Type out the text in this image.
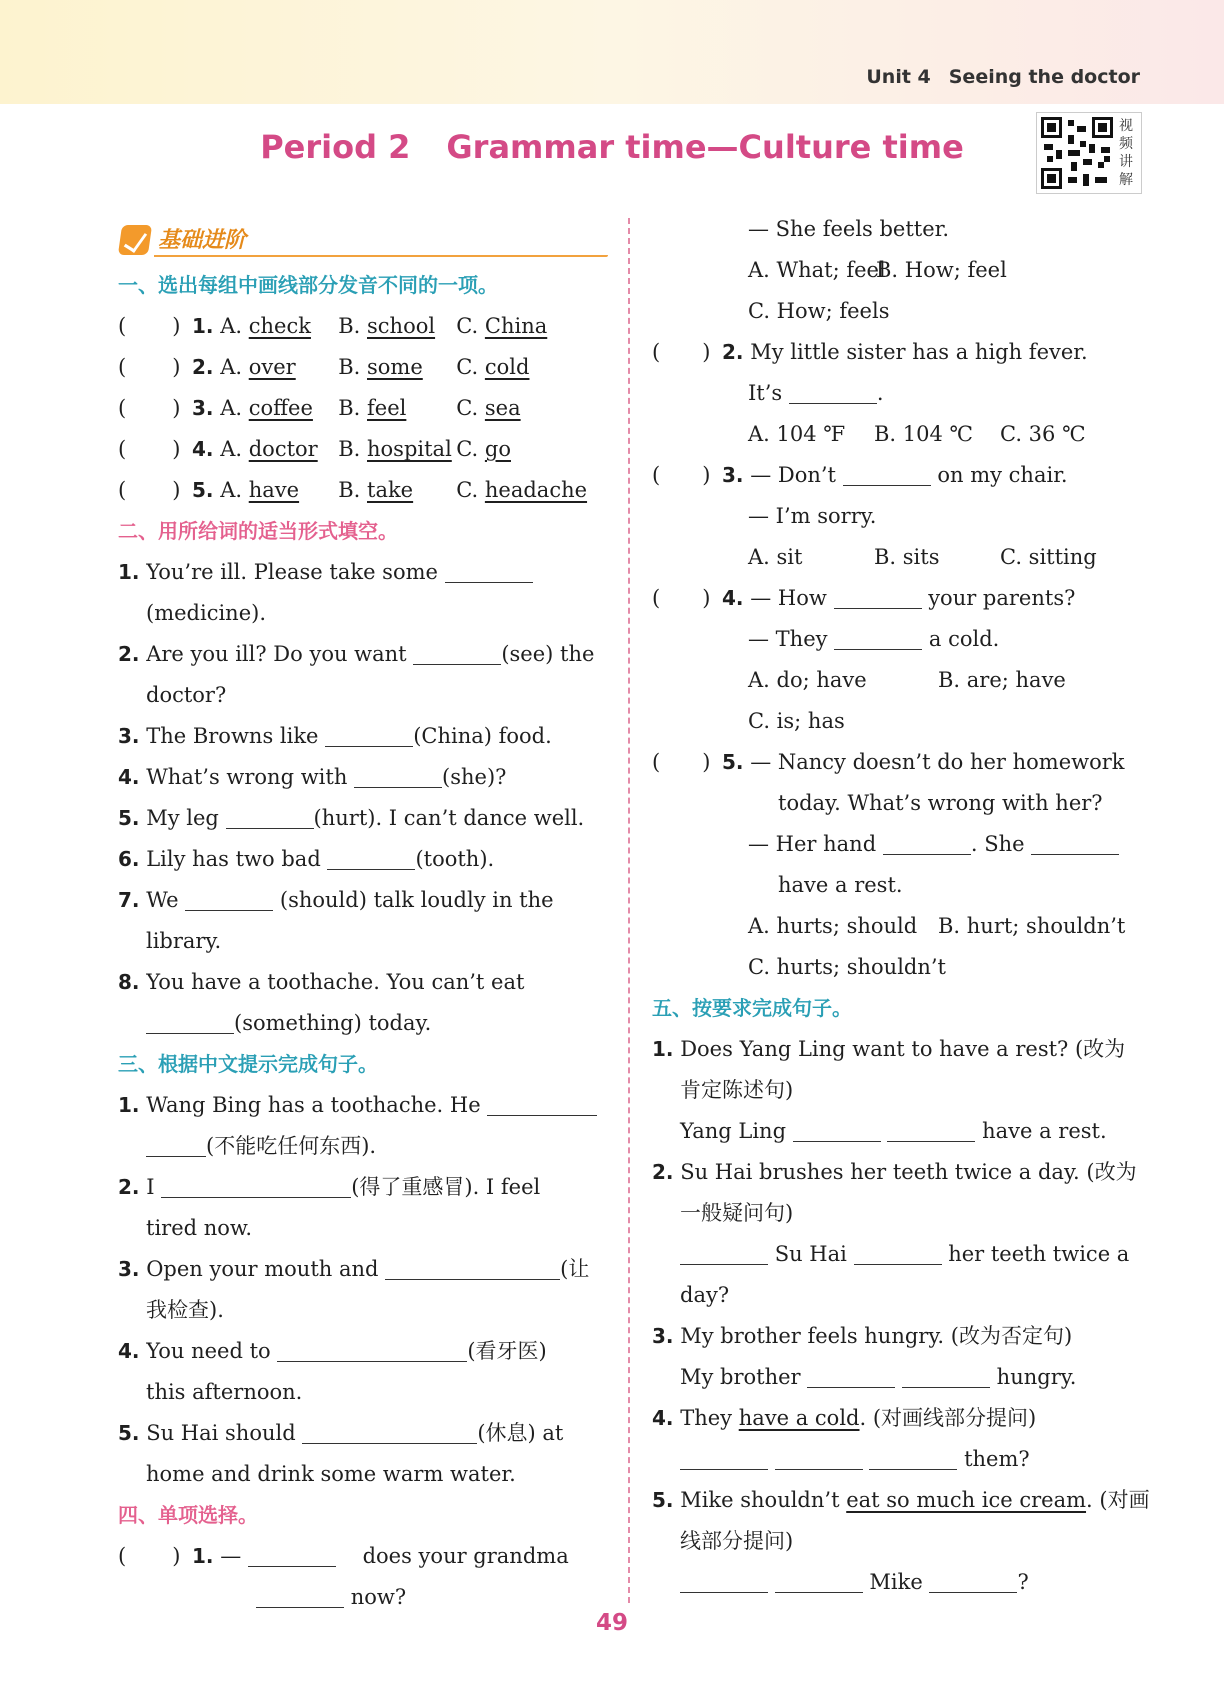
Unit 4 Seeing the doctor
Period 2 Grammar time—Culture time
视频讲解
基础进阶
一、选出每组中画线部分发音不同的一项。
( ) 1. A. check B. school C. China
( ) 2. A. over B. some C. cold
( ) 3. A. coffee B. feel C. sea
( ) 4. A. doctor B. hospital C. go
( ) 5. A. have B. take C. headache
二、用所给词的适当形式填空。
1. You’re ill. Please take some
(medicine).
2. Are you ill? Do you want	(see) the
doctor?
3. The Browns like	(China) food.
4. What’s wrong with	(she)?
5. My leg	(hurt). I can’t dance well.
6. Lily has two bad	(tooth).
7. We	(should) talk loudly in the
library.
8. You have a toothache. You can’t eat
(something) today.
三、根据中文提示完成句子。
1. Wang Bing has a toothache. He
(不能吃任何东西).
2. I	(得了重感冒). I feel
tired now.
3. Open your mouth and	(让
我检查).
4. You need to	(看牙医)
this afternoon.
5. Su Hai should	(休息) at
home and drink some warm water.
四、单项选择。
( ) 1. —	does your grandma
now?
— She feels better.
A. What; feelB. How; feel
C. How; feels
( ) 2. My little sister has a high fever.
It’s	.
A. 104 ℉ B. 104 ℃ C. 36 ℃
( ) 3. — Don’t	on my chair.
— I’m sorry.
A. sit	B. sits	C. sitting
( ) 4. — How	your parents?
— They	a cold.
A. do; have	B. are; have
C. is; has
( ) 5. — Nancy doesn’t do her homework
today. What’s wrong with her?
— Her hand	. She
have a rest.
A. hurts; should B. hurt; shouldn’t
C. hurts; shouldn’t
五、按要求完成句子。
1. Does Yang Ling want to have a rest? (改为
肯定陈述句)
Yang Ling	have a rest.
2. Su Hai brushes her teeth twice a day. (改为
一般疑问句)
Su Hai	her teeth twice a
day?
3. My brother feels hungry. (改为否定句)
My brother	hungry.
4. They have a cold. (对画线部分提问)
them?
5. Mike shouldn’t eat so much ice cream. (对画
线部分提问)
Mike	?
49
